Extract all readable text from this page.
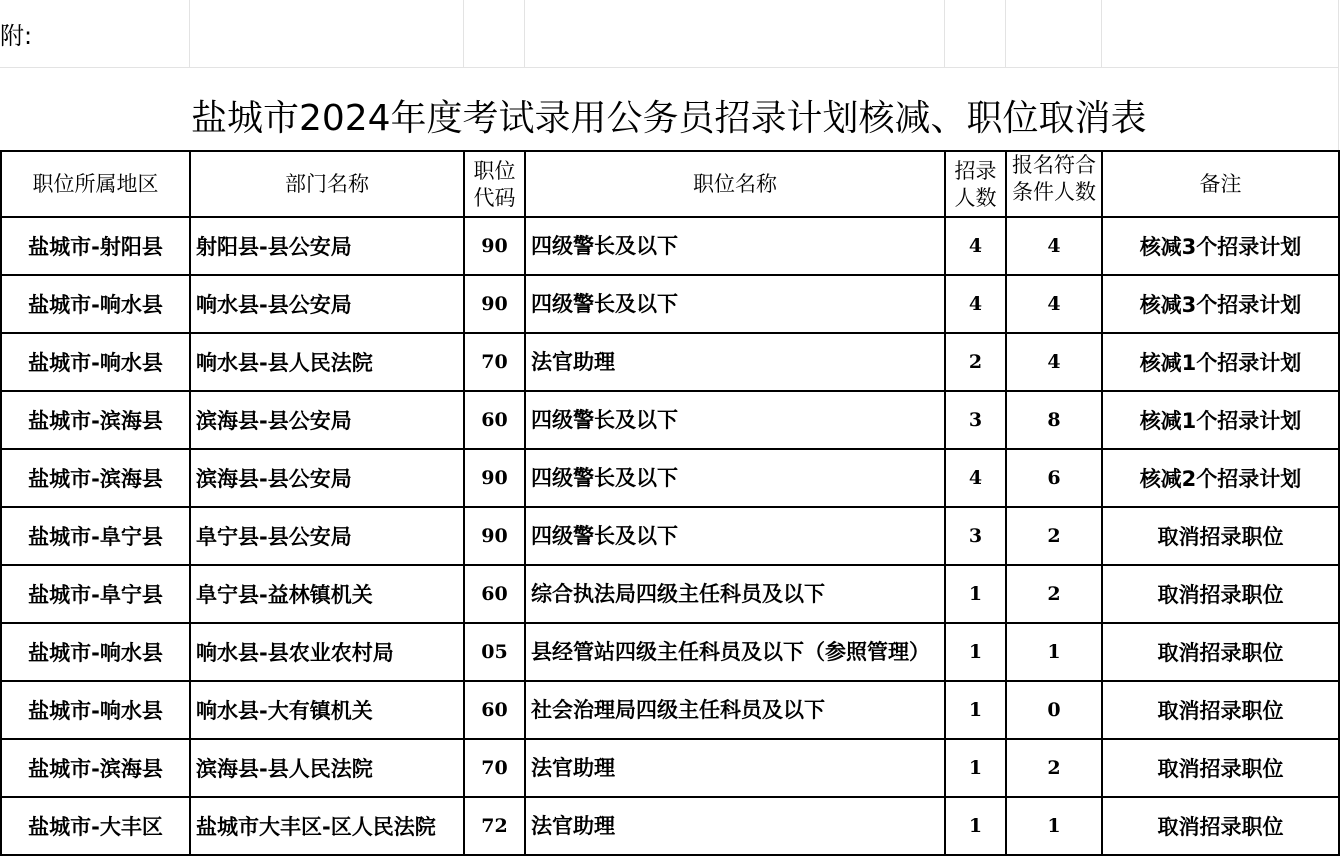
附:						
盐城市2024年度考试录用公务员招录计划核减、职位取消表
职位所属地区	部门名称	职位代码	职位名称	招录人数	报名符合条件人数	备注
盐城市-射阳县	射阳县-县公安局	90	四级警长及以下	4	4	核减3个招录计划
盐城市-响水县	响水县-县公安局	90	四级警长及以下	4	4	核减3个招录计划
盐城市-响水县	响水县-县人民法院	70	法官助理	2	4	核减1个招录计划
盐城市-滨海县	滨海县-县公安局	60	四级警长及以下	3	8	核减1个招录计划
盐城市-滨海县	滨海县-县公安局	90	四级警长及以下	4	6	核减2个招录计划
盐城市-阜宁县	阜宁县-县公安局	90	四级警长及以下	3	2	取消招录职位
盐城市-阜宁县	阜宁县-益林镇机关	60	综合执法局四级主任科员及以下	1	2	取消招录职位
盐城市-响水县	响水县-县农业农村局	05	县经管站四级主任科员及以下（参照管理）	1	1	取消招录职位
盐城市-响水县	响水县-大有镇机关	60	社会治理局四级主任科员及以下	1	0	取消招录职位
盐城市-滨海县	滨海县-县人民法院	70	法官助理	1	2	取消招录职位
盐城市-大丰区	盐城市大丰区-区人民法院	72	法官助理	1	1	取消招录职位
